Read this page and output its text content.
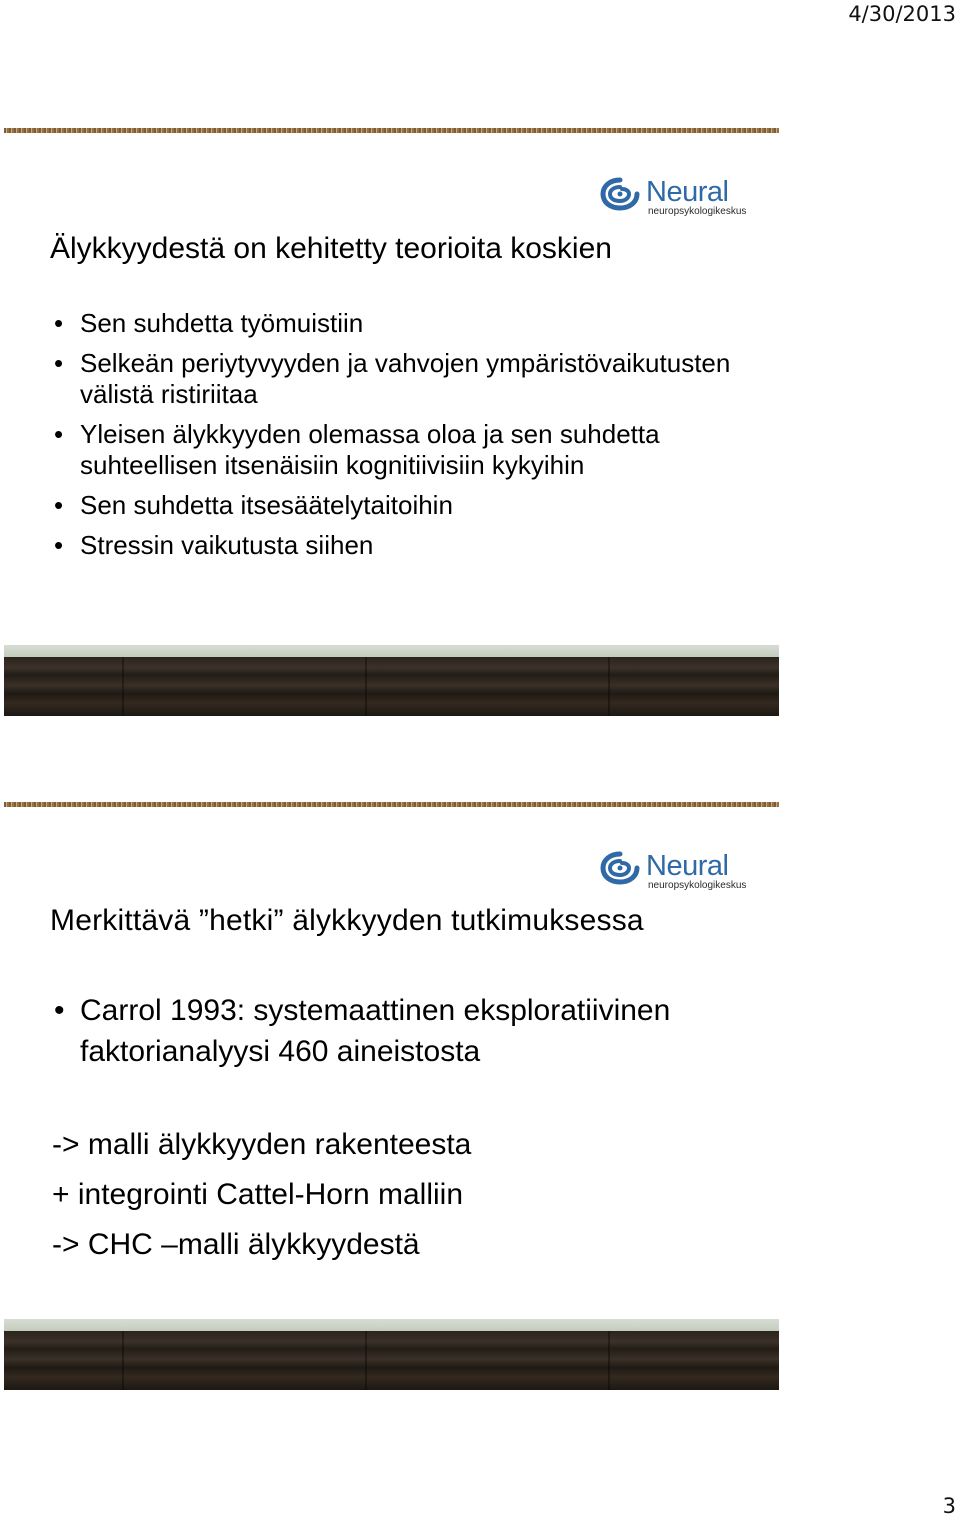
4/30/2013
Neural
neuropsykologikeskus
Älykkyydestä on kehitetty teorioita koskien
• Sen suhdetta työmuistiin
• Selkeän periytyvyyden ja vahvojen ympäristövaikutusten välistä ristiriitaa
• Yleisen älykkyyden olemassa oloa ja sen suhdetta suhteellisen itsenäisiin kognitiivisiin kykyihin
• Sen suhdetta itsesäätelytaitoihin
• Stressin vaikutusta siihen
Neural
neuropsykologikeskus
Merkittävä ”hetki” älykkyyden tutkimuksessa
• Carrol 1993: systemaattinen eksploratiivinen faktorianalyysi 460 aineistosta
-> malli älykkyyden rakenteesta
+ integrointi Cattel-Horn malliin
-> CHC –malli älykkyydestä
3
